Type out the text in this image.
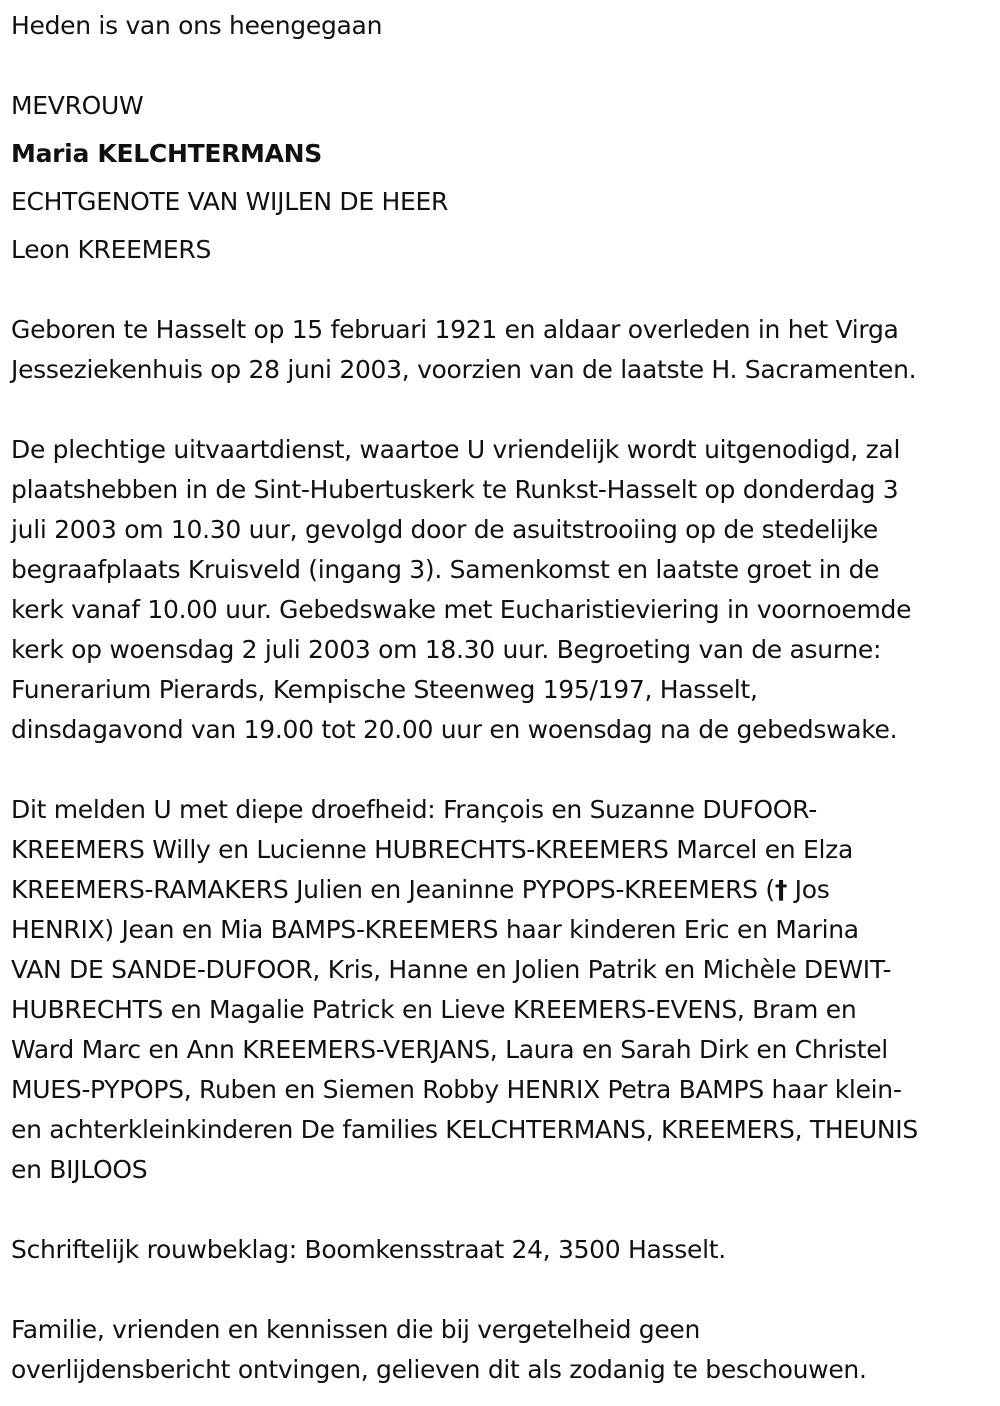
Heden is van ons heengegaan
MEVROUW
Maria KELCHTERMANS
ECHTGENOTE VAN WIJLEN DE HEER
Leon KREEMERS
Geboren te Hasselt op 15 februari 1921 en aldaar overleden in het Virga
Jesseziekenhuis op 28 juni 2003, voorzien van de laatste H. Sacramenten.
De plechtige uitvaartdienst, waartoe U vriendelijk wordt uitgenodigd, zal
plaatshebben in de Sint-Hubertuskerk te Runkst-Hasselt op donderdag 3
juli 2003 om 10.30 uur, gevolgd door de asuitstrooiing op de stedelijke
begraafplaats Kruisveld (ingang 3). Samenkomst en laatste groet in de
kerk vanaf 10.00 uur. Gebedswake met Eucharistieviering in voornoemde
kerk op woensdag 2 juli 2003 om 18.30 uur. Begroeting van de asurne:
Funerarium Pierards, Kempische Steenweg 195/197, Hasselt,
dinsdagavond van 19.00 tot 20.00 uur en woensdag na de gebedswake.
Dit melden U met diepe droefheid: François en Suzanne DUFOOR-
KREEMERS Willy en Lucienne HUBRECHTS-KREEMERS Marcel en Elza
KREEMERS-RAMAKERS Julien en Jeaninne PYPOPS-KREEMERS († Jos
HENRIX) Jean en Mia BAMPS-KREEMERS haar kinderen Eric en Marina
VAN DE SANDE-DUFOOR, Kris, Hanne en Jolien Patrik en Michèle DEWIT-
HUBRECHTS en Magalie Patrick en Lieve KREEMERS-EVENS, Bram en
Ward Marc en Ann KREEMERS-VERJANS, Laura en Sarah Dirk en Christel
MUES-PYPOPS, Ruben en Siemen Robby HENRIX Petra BAMPS haar klein-
en achterkleinkinderen De families KELCHTERMANS, KREEMERS, THEUNIS
en BIJLOOS
Schriftelijk rouwbeklag: Boomkensstraat 24, 3500 Hasselt.
Familie, vrienden en kennissen die bij vergetelheid geen
overlijdensbericht ontvingen, gelieven dit als zodanig te beschouwen.
